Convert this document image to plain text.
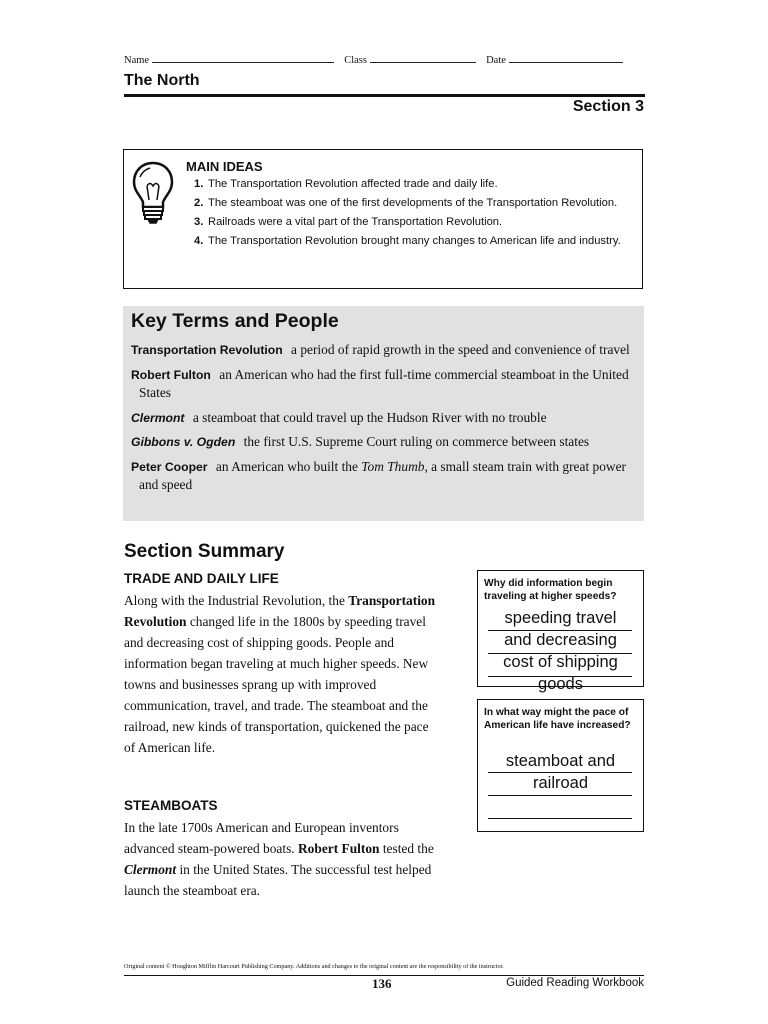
Name	Class	Date
The North
Section 3
MAIN IDEAS
1. The Transportation Revolution affected trade and daily life.
2. The steamboat was one of the first developments of the Transportation Revolution.
3. Railroads were a vital part of the Transportation Revolution.
4. The Transportation Revolution brought many changes to American life and industry.
Key Terms and People
Transportation Revolution a period of rapid growth in the speed and convenience of travel
Robert Fulton an American who had the first full-time commercial steamboat in the United States
Clermont a steamboat that could travel up the Hudson River with no trouble
Gibbons v. Ogden the first U.S. Supreme Court ruling on commerce between states
Peter Cooper an American who built the Tom Thumb, a small steam train with great power and speed
Section Summary
TRADE AND DAILY LIFE
Along with the Industrial Revolution, the Transportation Revolution changed life in the 1800s by speeding travel and decreasing cost of shipping goods. People and information began traveling at much higher speeds. New towns and businesses sprang up with improved communication, travel, and trade. The steamboat and the railroad, new kinds of transportation, quickened the pace of American life.
STEAMBOATS
In the late 1700s American and European inventors advanced steam-powered boats. Robert Fulton tested the Clermont in the United States. The successful test helped launch the steamboat era.
Why did information begin traveling at higher speeds?
speeding travel
and decreasing
cost of shipping
goods
In what way might the pace of American life have increased?
steamboat and
railroad
Original content © Houghton Mifflin Harcourt Publishing Company. Additions and changes to the original content are the responsibility of the instructor.
136	Guided Reading Workbook
